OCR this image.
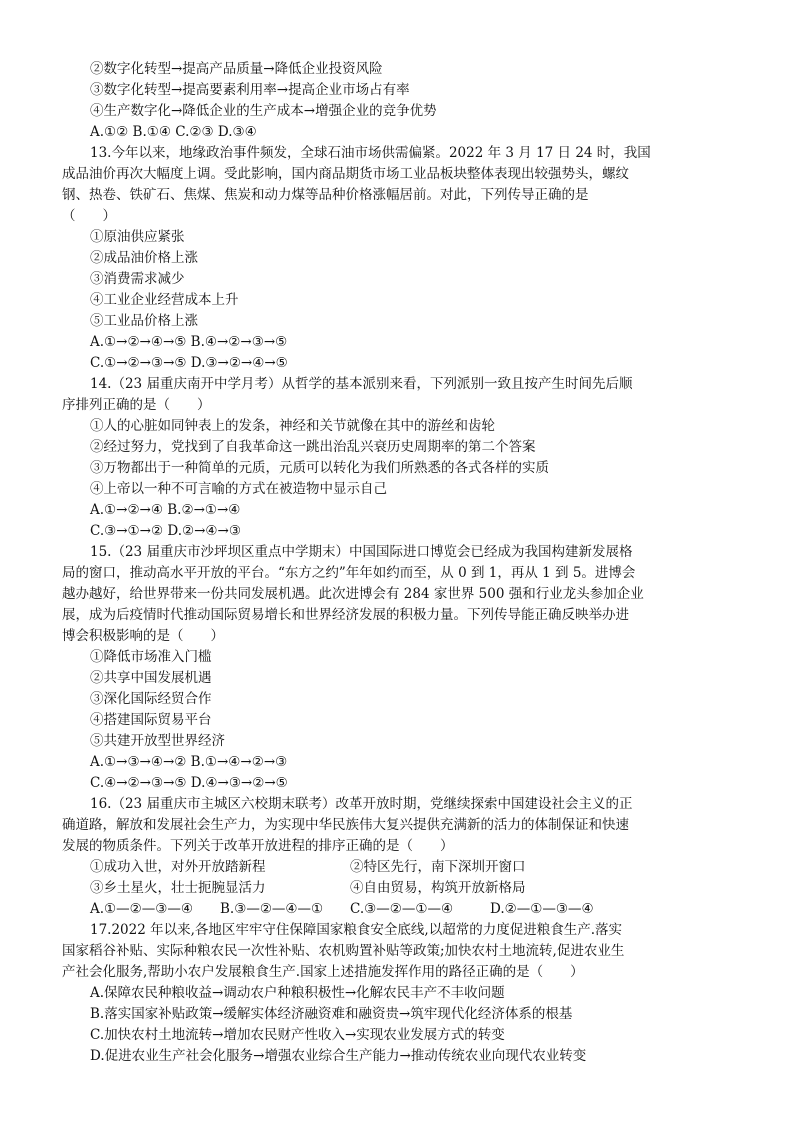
②数字化转型→提高产品质量→降低企业投资风险
③数字化转型→提高要素利用率→提高企业市场占有率
④生产数字化→降低企业的生产成本→增强企业的竞争优势
A.①② B.①④ C.②③ D.③④
13.今年以来，地缘政治事件频发，全球石油市场供需偏紧。2022 年 3 月 17 日 24 时，我国
成品油价再次大幅度上调。受此影响，国内商品期货市场工业品板块整体表现出较强势头，螺纹
钢、热卷、铁矿石、焦煤、焦炭和动力煤等品种价格涨幅居前。对此，下列传导正确的是
（　　）
①原油供应紧张
②成品油价格上涨
③消费需求减少
④工业企业经营成本上升
⑤工业品价格上涨
A.①→②→④→⑤ B.④→②→③→⑤
C.①→②→③→⑤ D.③→②→④→⑤
14.（23 届重庆南开中学月考）从哲学的基本派别来看，下列派别一致且按产生时间先后顺
序排列正确的是（　　）
①人的心脏如同钟表上的发条，神经和关节就像在其中的游丝和齿轮
②经过努力，党找到了自我革命这一跳出治乱兴衰历史周期率的第二个答案
③万物都出于一种简单的元质，元质可以转化为我们所熟悉的各式各样的实质
④上帝以一种不可言喻的方式在被造物中显示自己
A.①→②→④ B.②→①→④
C.③→①→② D.②→④→③
15.（23 届重庆市沙坪坝区重点中学期末）中国国际进口博览会已经成为我国构建新发展格
局的窗口，推动高水平开放的平台。“东方之约”年年如约而至，从 0 到 1，再从 1 到 5。进博会
越办越好，给世界带来一份共同发展机遇。此次进博会有 284 家世界 500 强和行业龙头参加企业
展，成为后疫情时代推动国际贸易增长和世界经济发展的积极力量。下列传导能正确反映举办进
博会积极影响的是（　　）
①降低市场准入门槛
②共享中国发展机遇
③深化国际经贸合作
④搭建国际贸易平台
⑤共建开放型世界经济
A.①→③→④→② B.①→④→②→③
C.④→②→③→⑤ D.④→③→②→⑤
16.（23 届重庆市主城区六校期末联考）改革开放时期，党继续探索中国建设社会主义的正
确道路，解放和发展社会生产力，为实现中华民族伟大复兴提供充满新的活力的体制保证和快速
发展的物质条件。下列关于改革开放进程的排序正确的是（　　）
①成功入世，对外开放踏新程	②特区先行，南下深圳开窗口
③乡土星火，壮士扼腕显活力	④自由贸易，构筑开放新格局
A.①—②—③—④	B.③—②—④—①	C.③—②—①—④	D.②—①—③—④
17.2022 年以来,各地区牢牢守住保障国家粮食安全底线,以超常的力度促进粮食生产.落实
国家稻谷补贴、实际种粮农民一次性补贴、农机购置补贴等政策;加快农村土地流转,促进农业生
产社会化服务,帮助小农户发展粮食生产.国家上述措施发挥作用的路径正确的是（　　）
A.保障农民种粮收益→调动农户种粮积极性→化解农民丰产不丰收问题
B.落实国家补贴政策→缓解实体经济融资难和融资贵→筑牢现代化经济体系的根基
C.加快农村土地流转→增加农民财产性收入→实现农业发展方式的转变
D.促进农业生产社会化服务→增强农业综合生产能力→推动传统农业向现代农业转变
